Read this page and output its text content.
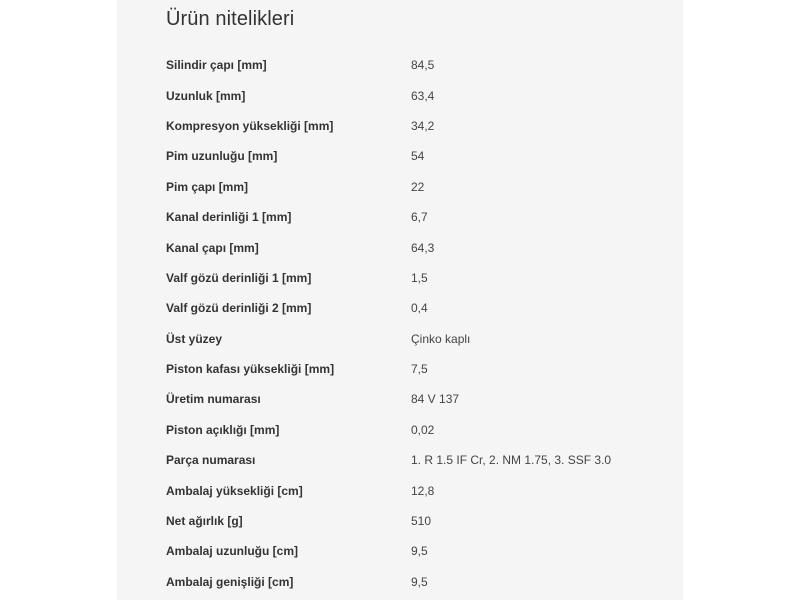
Ürün nitelikleri
Silindir çapı [mm]	84,5
Uzunluk [mm]	63,4
Kompresyon yüksekliği [mm]	34,2
Pim uzunluğu [mm]	54
Pim çapı [mm]	22
Kanal derinliği 1 [mm]	6,7
Kanal çapı [mm]	64,3
Valf gözü derinliği 1 [mm]	1,5
Valf gözü derinliği 2 [mm]	0,4
Üst yüzey	Çinko kaplı
Piston kafası yüksekliği [mm]	7,5
Üretim numarası	84 V 137
Piston açıklığı [mm]	0,02
Parça numarası	1. R 1.5 IF Cr, 2. NM 1.75, 3. SSF 3.0
Ambalaj yüksekliği [cm]	12,8
Net ağırlık [g]	510
Ambalaj uzunluğu [cm]	9,5
Ambalaj genişliği [cm]	9,5
